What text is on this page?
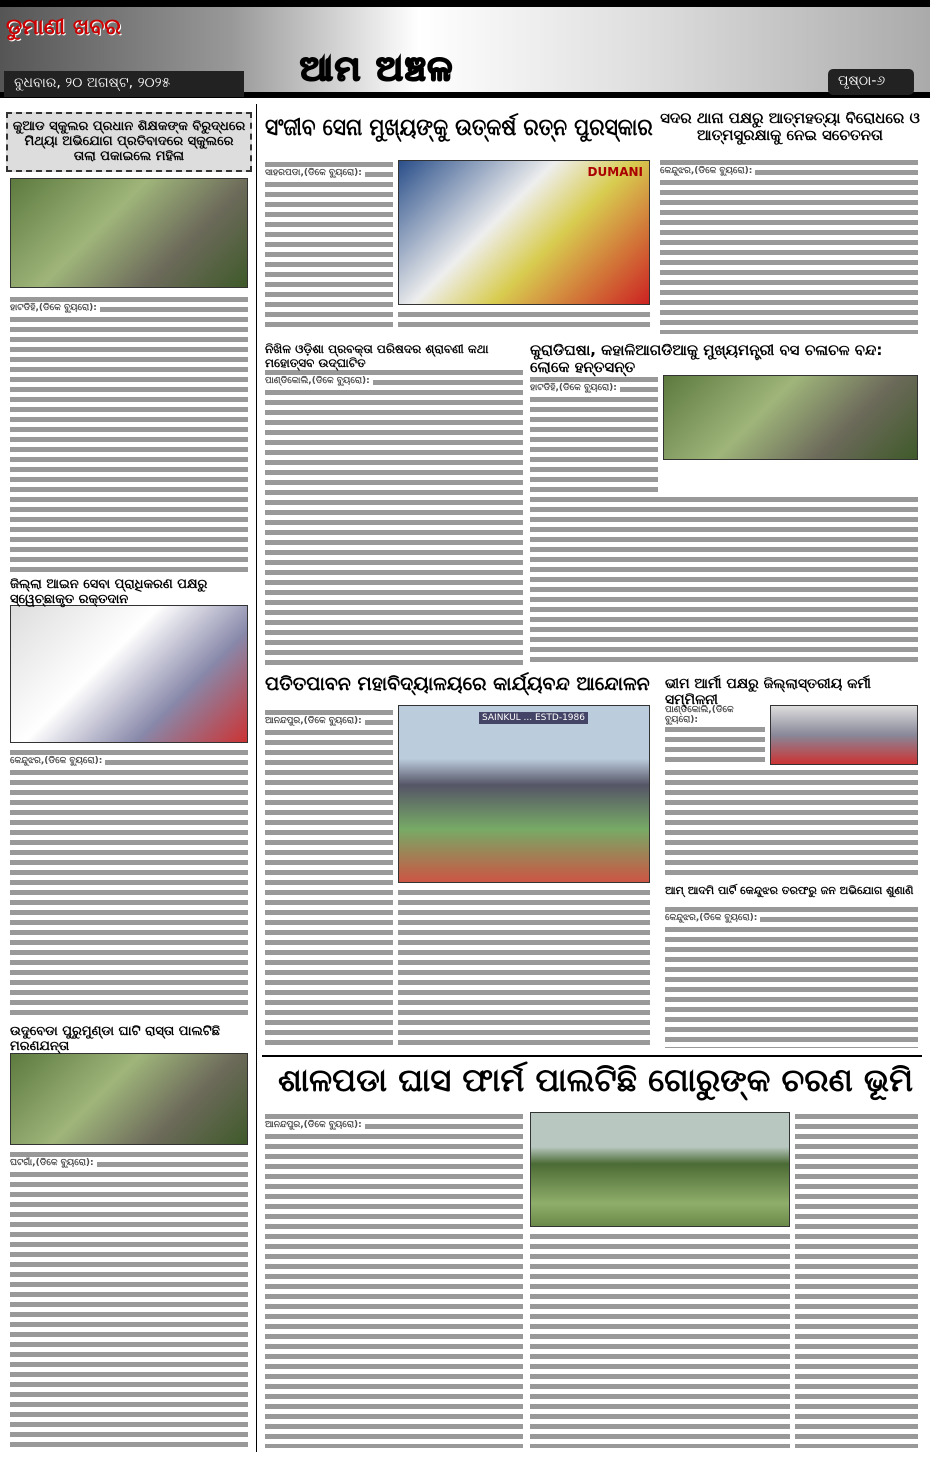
ଡୁମାଣୀ ଖବର
ବୁଧବାର, ୨୦ ଅଗଷ୍ଟ, ୨୦୨୫	ଆମ ଅଞ୍ଚଳ	ପୃଷ୍ଠା-୬
କୁଆଡ ସ୍କୁଲର ପ୍ରଧାନ ଶିକ୍ଷକଙ୍କ ବିରୁଦ୍ଧରେ ମିଥ୍ୟା ଅଭିଯୋଗ ପ୍ରତିବାଦରେ ସ୍କୁଲରେ ତାଲା ପକାଇଲେ ମହିଳା
ହାଟଡିହି,(ଡିକେ ବ୍ୟୁରୋ):
ଜିଲ୍ଲା ଆଇନ ସେବା ପ୍ରାଧିକରଣ ପକ୍ଷରୁ ସ୍ୱେଚ୍ଛାକୃତ ରକ୍ତଦାନ
କେନ୍ଦୁଝର,(ଡିକେ ବ୍ୟୁରୋ):
ଉଦୁବେଡା ପୁରୁମୁଣ୍ଡା ଘାଟି ରାସ୍ତା ପାଲଟିଛି ମରଣଯନ୍ତା
ଘଟଗାଁ,(ଡିକେ ବ୍ୟୁରୋ):
ସଂଜୀବ ସେନା ମୁଖ୍ୟଙ୍କୁ ଉତ୍କର୍ଷ ରତ୍ନ ପୁରସ୍କାର
ସାହରପଡା,(ଡିକେ ବ୍ୟୁରୋ):	DUMANI
ସଦର ଥାନା ପକ୍ଷରୁ ଆତ୍ମହତ୍ୟା ବିରୋଧରେ ଓ ଆତ୍ମସୁରକ୍ଷାକୁ ନେଇ ସଚେତନତା
କେନ୍ଦୁଝର,(ଡିକେ ବ୍ୟୁରୋ):
ନିଖିଳ ଓଡ଼ିଶା ପ୍ରବକ୍ତା ପରିଷଦର ଶ୍ରାବଣୀ କଥା ମହୋତ୍ସବ ଉଦ୍‌ଘାଟିତ
ପାଣ୍ଡିକୋଲି,(ଡିକେ ବ୍ୟୁରୋ):
କୁରାଡିଘଷା, କହାଳିଆଗଡିଆକୁ ମୁଖ୍ୟମନ୍ତ୍ରୀ ବସ ଚଳାଚଳ ବନ୍ଦ: ଲୋକେ ହନ୍ତସନ୍ତ
ହାଟଡିହି,(ଡିକେ ବ୍ୟୁରୋ):
ପତିତପାବନ ମହାବିଦ୍ୟାଳୟରେ କାର୍ଯ୍ୟବନ୍ଦ ଆନ୍ଦୋଳନ
ଆନନ୍ଦପୁର,(ଡିକେ ବ୍ୟୁରୋ):	SAINKUL ... ESTD-1986
ଭୀମ ଆର୍ମୀ ପକ୍ଷରୁ ଜିଲ୍ଲାସ୍ତରୀୟ କର୍ମୀ ସମ୍ମିଳନୀ
ପାଣ୍ଡିକୋଲି,(ଡିକେ ବ୍ୟୁରୋ):
ଆମ୍ ଆଦମି ପାର୍ଟି କେନ୍ଦୁଝର ତରଫରୁ ଜନ ଅଭିଯୋଗ ଶୁଣାଣି
କେନ୍ଦୁଝର,(ଡିକେ ବ୍ୟୁରୋ):
ଶାଳପଡା ଘାସ ଫାର୍ମ ପାଲଟିଛି ଗୋରୁଙ୍କ ଚରଣ ଭୂମି
ଆନନ୍ଦପୁର,(ଡିକେ ବ୍ୟୁରୋ):
